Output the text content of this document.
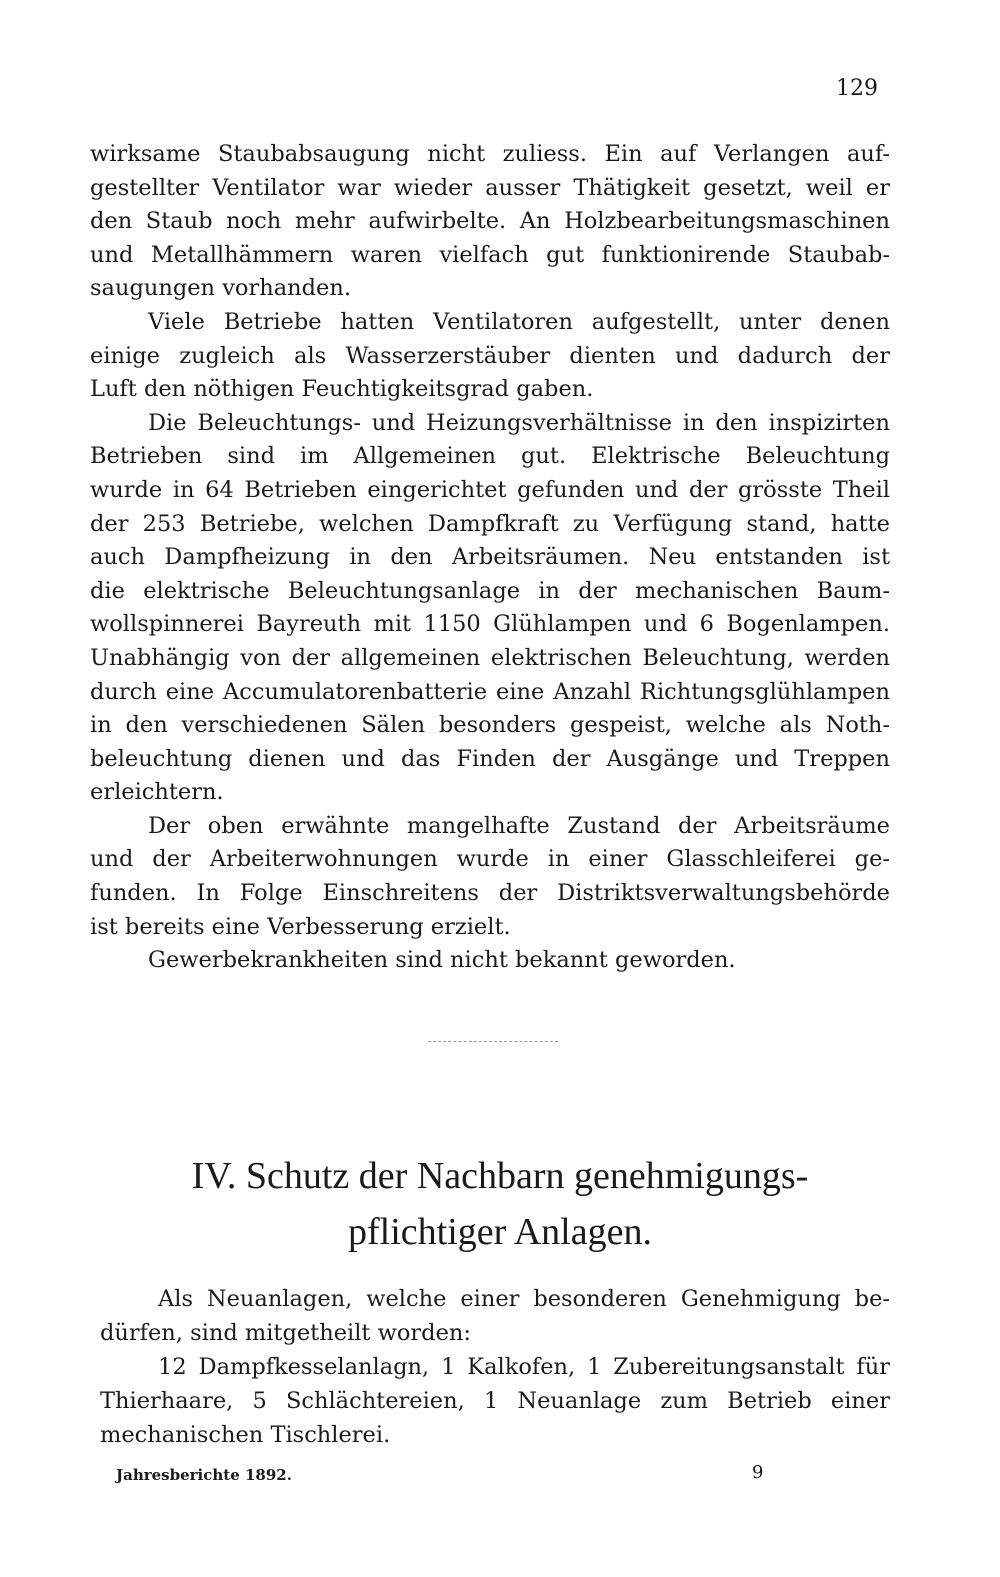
129
wirksame Staubabsaugung nicht zuliess. Ein auf Verlangen auf-
gestellter Ventilator war wieder ausser Thätigkeit gesetzt, weil er
den Staub noch mehr aufwirbelte. An Holzbearbeitungsmaschinen
und Metallhämmern waren vielfach gut funktionirende Staubab-
saugungen vorhanden.
Viele Betriebe hatten Ventilatoren aufgestellt, unter denen
einige zugleich als Wasserzerstäuber dienten und dadurch der
Luft den nöthigen Feuchtigkeitsgrad gaben.
Die Beleuchtungs- und Heizungsverhältnisse in den inspizirten
Betrieben sind im Allgemeinen gut. Elektrische Beleuchtung
wurde in 64 Betrieben eingerichtet gefunden und der grösste Theil
der 253 Betriebe, welchen Dampfkraft zu Verfügung stand, hatte
auch Dampfheizung in den Arbeitsräumen. Neu entstanden ist
die elektrische Beleuchtungsanlage in der mechanischen Baum-
wollspinnerei Bayreuth mit 1150 Glühlampen und 6 Bogenlampen.
Unabhängig von der allgemeinen elektrischen Beleuchtung, werden
durch eine Accumulatorenbatterie eine Anzahl Richtungsglühlampen
in den verschiedenen Sälen besonders gespeist, welche als Noth-
beleuchtung dienen und das Finden der Ausgänge und Treppen
erleichtern.
Der oben erwähnte mangelhafte Zustand der Arbeitsräume
und der Arbeiterwohnungen wurde in einer Glasschleiferei ge-
funden. In Folge Einschreitens der Distriktsverwaltungsbehörde
ist bereits eine Verbesserung erzielt.
Gewerbekrankheiten sind nicht bekannt geworden.
IV. Schutz der Nachbarn genehmigungs-
pflichtiger Anlagen.
Als Neuanlagen, welche einer besonderen Genehmigung be-
dürfen, sind mitgetheilt worden:
12 Dampfkesselanlagn, 1 Kalkofen, 1 Zubereitungsanstalt für
Thierhaare, 5 Schlächtereien, 1 Neuanlage zum Betrieb einer
mechanischen Tischlerei.
Jahresberichte 1892.	9
